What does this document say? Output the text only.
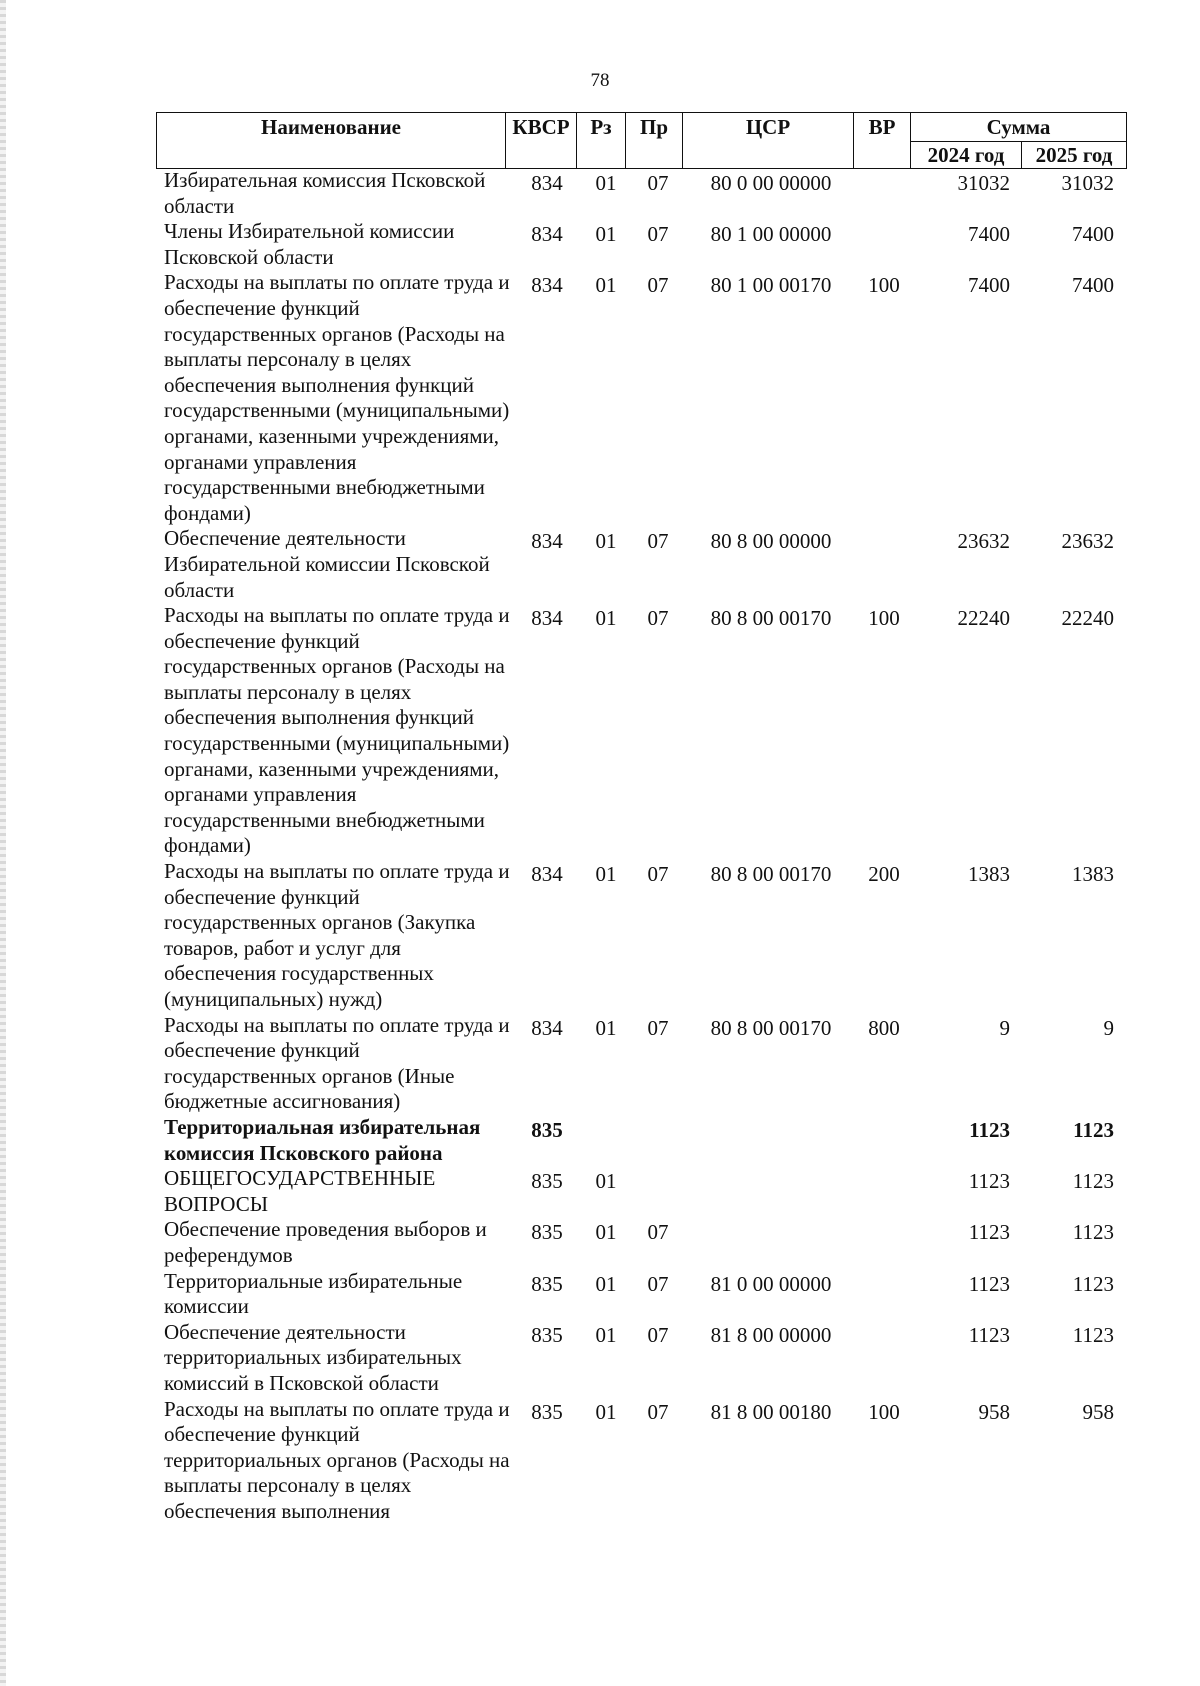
78
Наименование	КВСР	Рз	Пр	ЦСР	ВР	Сумма	
						2024 год	2025 год
Избирательная комиссия Псковской области	834	01	07	80 0 00 00000		31032	31032
Члены Избирательной комиссии Псковской области	834	01	07	80 1 00 00000		7400	7400
Расходы на выплаты по оплате труда и обеспечение функций государственных органов (Расходы на выплаты персоналу в целях обеспечения выполнения функций государственными (муниципальными) органами, казенными учреждениями, органами управления государственными внебюджетными фондами)	834	01	07	80 1 00 00170	100	7400	7400
Обеспечение деятельности Избирательной комиссии Псковской области	834	01	07	80 8 00 00000		23632	23632
Расходы на выплаты по оплате труда и обеспечение функций государственных органов (Расходы на выплаты персоналу в целях обеспечения выполнения функций государственными (муниципальными) органами, казенными учреждениями, органами управления государственными внебюджетными фондами)	834	01	07	80 8 00 00170	100	22240	22240
Расходы на выплаты по оплате труда и обеспечение функций государственных органов (Закупка товаров, работ и услуг для обеспечения государственных (муниципальных) нужд)	834	01	07	80 8 00 00170	200	1383	1383
Расходы на выплаты по оплате труда и обеспечение функций государственных органов (Иные бюджетные ассигнования)	834	01	07	80 8 00 00170	800	9	9
Территориальная избирательная комиссия Псковского района	835					1123	1123
ОБЩЕГОСУДАРСТВЕННЫЕ ВОПРОСЫ	835	01				1123	1123
Обеспечение проведения выборов и референдумов	835	01	07			1123	1123
Территориальные избирательные комиссии	835	01	07	81 0 00 00000		1123	1123
Обеспечение деятельности территориальных избирательных комиссий в Псковской области	835	01	07	81 8 00 00000		1123	1123
Расходы на выплаты по оплате труда и обеспечение функций территориальных органов (Расходы на выплаты персоналу в целях обеспечения выполнения	835	01	07	81 8 00 00180	100	958	958
